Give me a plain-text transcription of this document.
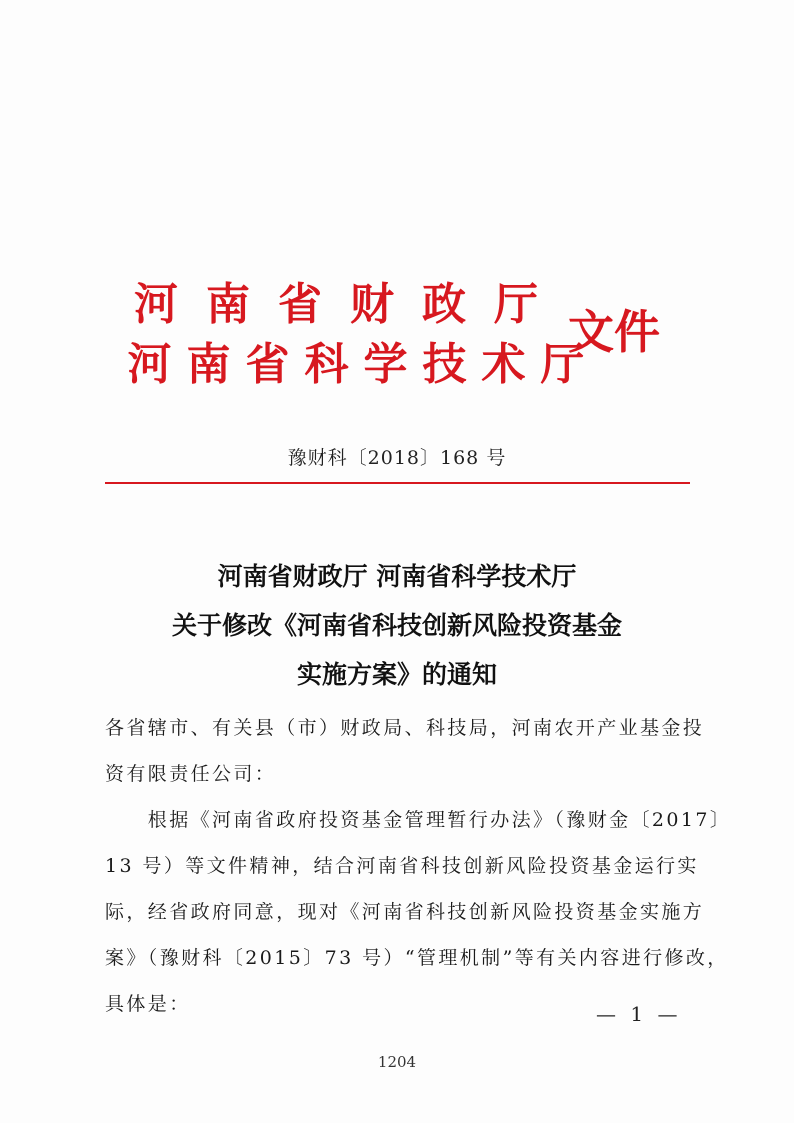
河 南 省 财 政 厅
河 南 省 科 学 技 术 厅
文件
豫财科〔2018〕168 号
河南省财政厅 河南省科学技术厅
关于修改《河南省科技创新风险投资基金
实施方案》的通知
各省辖市、有关县（市）财政局、科技局，河南农开产业基金投
资有限责任公司：
　　根据《河南省政府投资基金管理暂行办法》（豫财金〔2017〕
13 号）等文件精神，结合河南省科技创新风险投资基金运行实
际，经省政府同意，现对《河南省科技创新风险投资基金实施方
案》（豫财科〔2015〕73 号）“管理机制”等有关内容进行修改，
具体是：	— 1 —
1204
